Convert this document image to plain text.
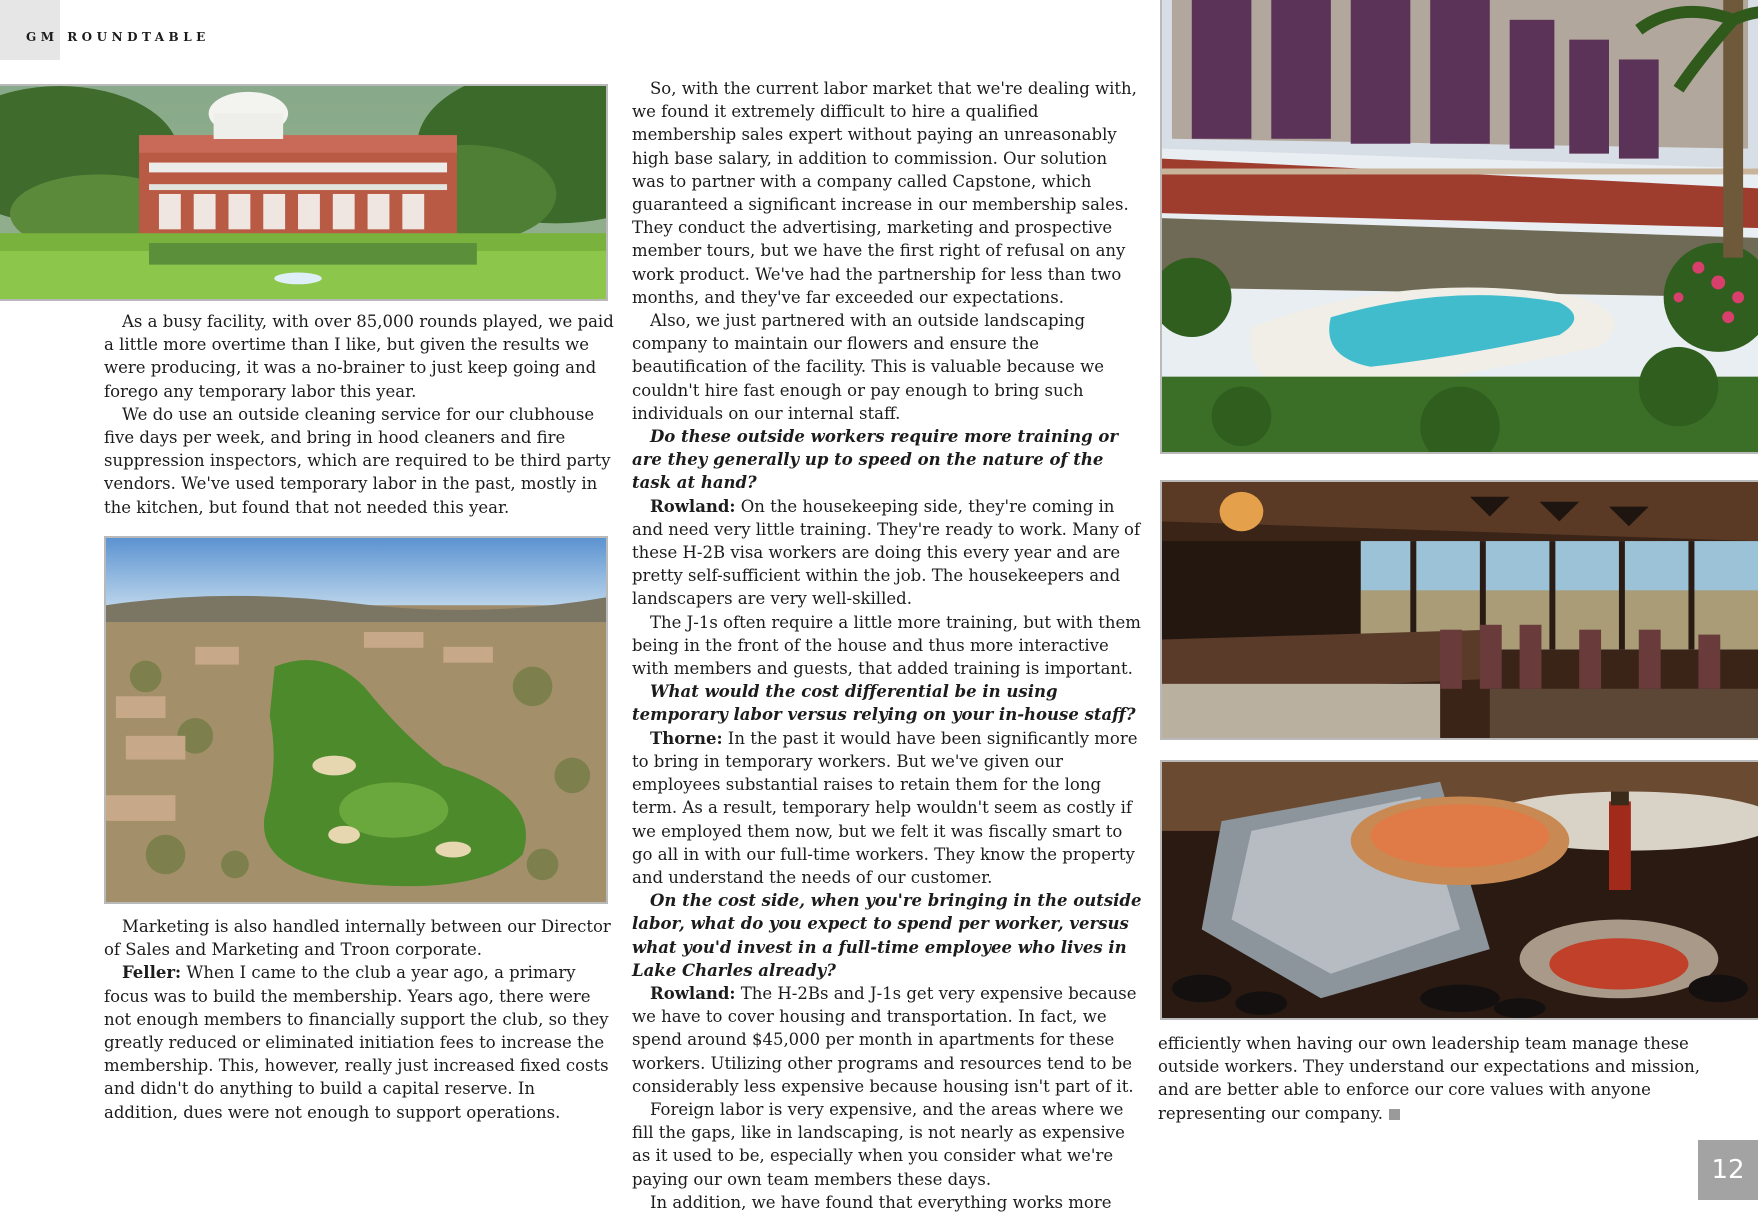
GM ROUNDTABLE

As a busy facility, with over 85,000 rounds played, we paid a little more overtime than I like, but given the results we were producing, it was a no-brainer to just keep going and forego any temporary labor this year.

We do use an outside cleaning service for our clubhouse five days per week, and bring in hood cleaners and fire suppression inspectors, which are required to be third party vendors. We've used temporary labor in the past, mostly in the kitchen, but found that not needed this year.

Marketing is also handled internally between our Director of Sales and Marketing and Troon corporate.

Feller: When I came to the club a year ago, a primary focus was to build the membership. Years ago, there were not enough members to financially support the club, so they greatly reduced or eliminated initiation fees to increase the membership. This, however, really just increased fixed costs and didn't do anything to build a capital reserve. In addition, dues were not enough to support operations.

So, with the current labor market that we're dealing with, we found it extremely difficult to hire a qualified membership sales expert without paying an unreasonably high base salary, in addition to commission. Our solution was to partner with a company called Capstone, which guaranteed a significant increase in our membership sales. They conduct the advertising, marketing and prospective member tours, but we have the first right of refusal on any work product. We've had the partnership for less than two months, and they've far exceeded our expectations.

Also, we just partnered with an outside landscaping company to maintain our flowers and ensure the beautification of the facility. This is valuable because we couldn't hire fast enough or pay enough to bring such individuals on our internal staff.

Do these outside workers require more training or are they generally up to speed on the nature of the task at hand?

Rowland: On the housekeeping side, they're coming in and need very little training. They're ready to work. Many of these H-2B visa workers are doing this every year and are pretty self-sufficient within the job. The housekeepers and landscapers are very well-skilled.

The J-1s often require a little more training, but with them being in the front of the house and thus more interactive with members and guests, that added training is important.

What would the cost differential be in using temporary labor versus relying on your in-house staff?

Thorne: In the past it would have been significantly more to bring in temporary workers. But we've given our employees substantial raises to retain them for the long term. As a result, temporary help wouldn't seem as costly if we employed them now, but we felt it was fiscally smart to go all in with our full-time workers. They know the property and understand the needs of our customer.

On the cost side, when you're bringing in the outside labor, what do you expect to spend per worker, versus what you'd invest in a full-time employee who lives in Lake Charles already?

Rowland: The H-2Bs and J-1s get very expensive because we have to cover housing and transportation. In fact, we spend around $45,000 per month in apartments for these workers. Utilizing other programs and resources tend to be considerably less expensive because housing isn't part of it.

Foreign labor is very expensive, and the areas where we fill the gaps, like in landscaping, is not nearly as expensive as it used to be, especially when you consider what we're paying our own team members these days.

In addition, we have found that everything works more

efficiently when having our own leadership team manage these outside workers. They understand our expectations and mission, and are better able to enforce our core values with anyone representing our company.

12
